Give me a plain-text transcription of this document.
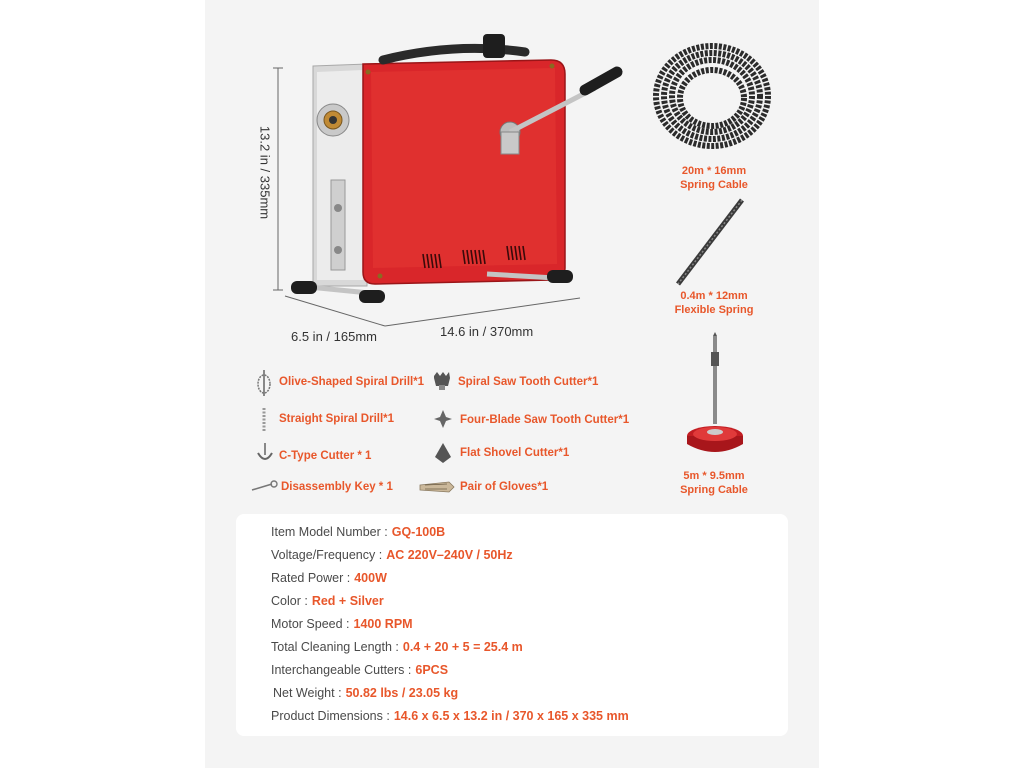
13.2 in / 335mm
6.5 in / 165mm	14.6 in / 370mm
20m * 16mm
Spring Cable
0.4m * 12mm
Flexible Spring
5m * 9.5mm
Spring Cable
Olive-Shaped Spiral Drill*1
Straight Spiral Drill*1
C-Type Cutter * 1
Disassembly Key * 1
Spiral Saw Tooth Cutter*1
Four-Blade Saw Tooth Cutter*1
Flat Shovel Cutter*1
Pair of Gloves*1
Item Model Number : GQ-100B
Voltage/Frequency : AC 220V–240V / 50Hz
Rated Power : 400W
Color : Red + Silver
Motor Speed : 1400 RPM
Total Cleaning Length : 0.4 + 20 + 5 = 25.4 m
Interchangeable Cutters : 6PCS
Net Weight : 50.82 lbs / 23.05 kg
Product Dimensions : 14.6 x 6.5 x 13.2 in / 370 x 165 x 335 mm
